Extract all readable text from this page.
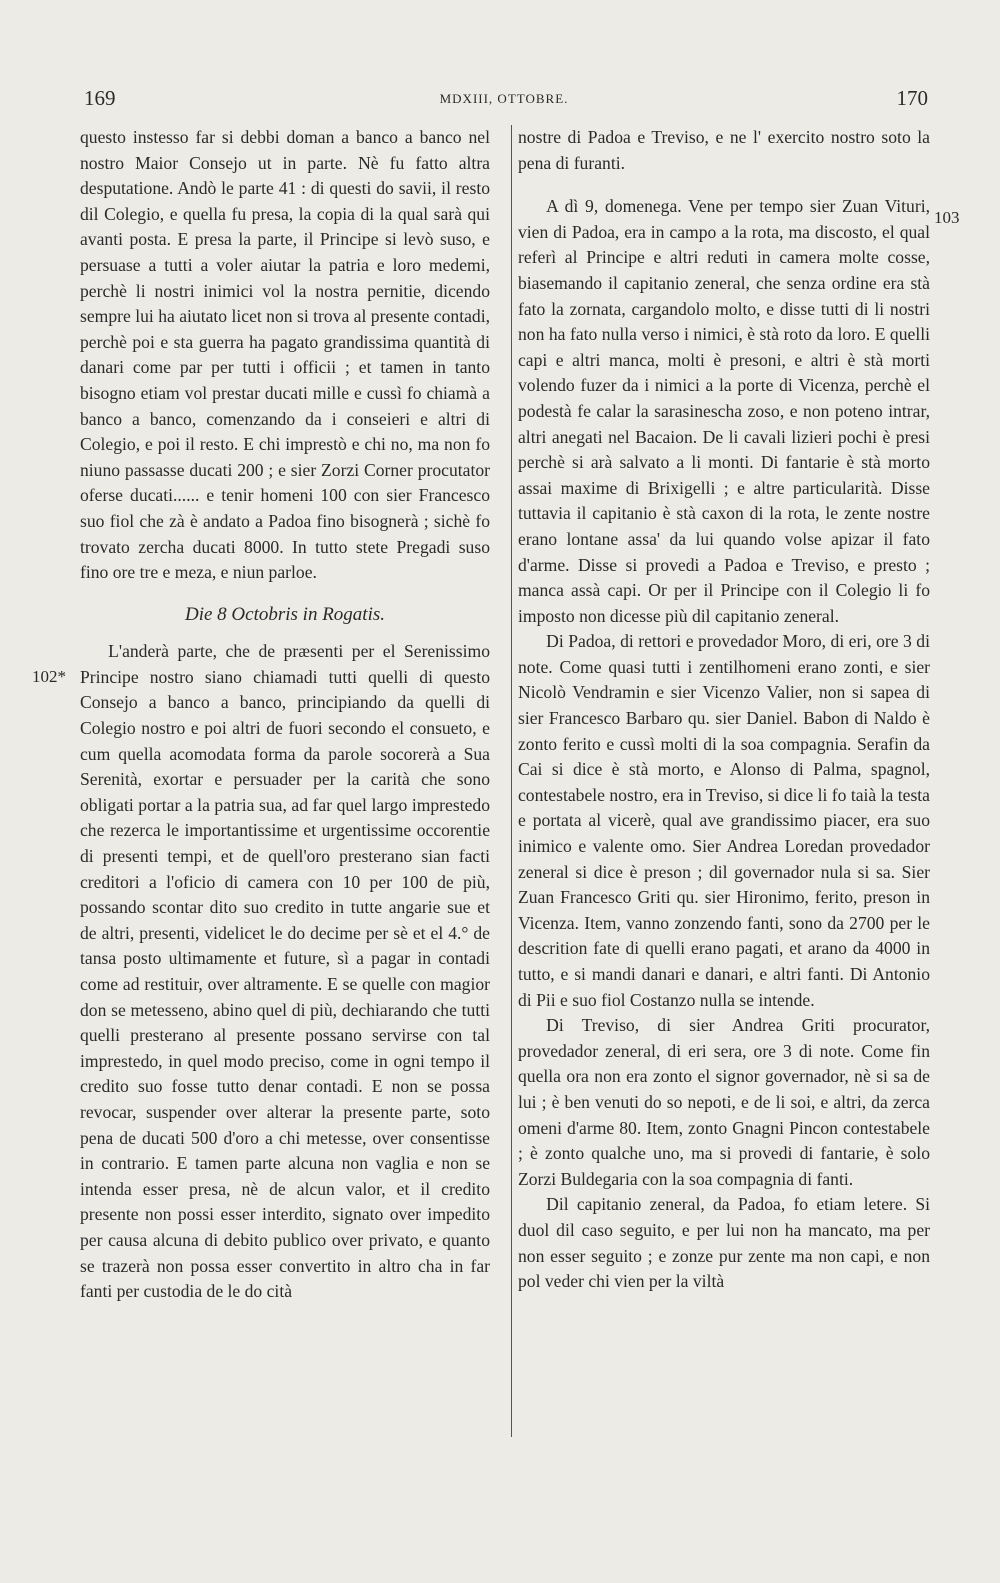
169	MDXIII, OTTOBRE.	170

questo instesso far si debbi doman a banco a banco nel nostro Maior Consejo ut in parte. Nè fu fatto altra desputatione. Andò le parte 41 : di questi do savii, il resto dil Colegio, e quella fu presa, la copia di la qual sarà qui avanti posta. E presa la parte, il Principe si levò suso, e persuase a tutti a voler aiutar la patria e loro medemi, perchè li nostri inimici vol la nostra pernitie, dicendo sempre lui ha aiutato licet non si trova al presente contadi, perchè poi e sta guerra ha pagato grandissima quantità di danari come par per tutti i officii ; et tamen in tanto bisogno etiam vol prestar ducati mille e cussì fo chiamà a banco a banco, comenzando da i conseieri e altri di Colegio, e poi il resto. E chi imprestò e chi no, ma non fo niuno passasse ducati 200 ; e sier Zorzi Corner procutator oferse ducati...... e tenir homeni 100 con sier Francesco suo fiol che zà è andato a Padoa fino bisognerà ; sichè fo trovato zercha ducati 8000. In tutto stete Pregadi suso fino ore tre e meza, e niun parloe.

Die 8 Octobris in Rogatis.

L'anderà parte, che de præsenti per el Serenissimo Principe nostro siano chiamadi tutti quelli di questo Consejo a banco a banco, principiando da quelli di Colegio nostro e poi altri de fuori secondo el consueto, e cum quella acomodata forma da parole socorerà a Sua Serenità, exortar e persuader per la carità che sono obligati portar a la patria sua, ad far quel largo imprestedo che rezerca le importantissime et urgentissime occorentie di presenti tempi, et de quell'oro presterano sian facti creditori a l'oficio di camera con 10 per 100 de più, possando scontar dito suo credito in tutte angarie sue et de altri, presenti, videlicet le do decime per sè et el 4.° de tansa posto ultimamente et future, sì a pagar in contadi come ad restituir, over altramente. E se quelle con magior don se metesseno, abino quel di più, dechiarando che tutti quelli presterano al presente possano servirse con tal imprestedo, in quel modo preciso, come in ogni tempo il credito suo fosse tutto denar contadi. E non se possa revocar, suspender over alterar la presente parte, soto pena de ducati 500 d'oro a chi metesse, over consentisse in contrario. E tamen parte alcuna non vaglia e non se intenda esser presa, nè de alcun valor, et il credito presente non possi esser interdito, signato over impedito per causa alcuna di debito publico over privato, e quanto se trazerà non possa esser convertito in altro cha in far fanti per custodia de le do cità

nostre di Padoa e Treviso, e ne l' exercito nostro soto la pena di furanti.

A dì 9, domenega. Vene per tempo sier Zuan Vituri, vien di Padoa, era in campo a la rota, ma discosto, el qual referì al Principe e altri reduti in camera molte cosse, biasemando il capitanio zeneral, che senza ordine era stà fato la zornata, cargandolo molto, e disse tutti di li nostri non ha fato nulla verso i nimici, è stà roto da loro. E quelli capi e altri manca, molti è presoni, e altri è stà morti volendo fuzer da i nimici a la porte di Vicenza, perchè el podestà fe calar la sarasinescha zoso, e non poteno intrar, altri anegati nel Bacaion. De li cavali lizieri pochi è presi perchè si arà salvato a li monti. Di fantarie è stà morto assai maxime di Brixigelli ; e altre particularità. Disse tuttavia il capitanio è stà caxon di la rota, le zente nostre erano lontane assa' da lui quando volse apizar il fato d'arme. Disse si provedi a Padoa e Treviso, e presto ; manca assà capi. Or per il Principe con il Colegio li fo imposto non dicesse più dil capitanio zeneral.

Di Padoa, di rettori e provedador Moro, di eri, ore 3 di note. Come quasi tutti i zentilhomeni erano zonti, e sier Nicolò Vendramin e sier Vicenzo Valier, non si sapea di sier Francesco Barbaro qu. sier Daniel. Babon di Naldo è zonto ferito e cussì molti di la soa compagnia. Serafin da Cai si dice è stà morto, e Alonso di Palma, spagnol, contestabele nostro, era in Treviso, si dice li fo taià la testa e portata al vicerè, qual ave grandissimo piacer, era suo inimico e valente omo. Sier Andrea Loredan provedador zeneral si dice è preson ; dil governador nula si sa. Sier Zuan Francesco Griti qu. sier Hironimo, ferito, preson in Vicenza. Item, vanno zonzendo fanti, sono da 2700 per le descrition fate di quelli erano pagati, et arano da 4000 in tutto, e si mandi danari e danari, e altri fanti. Di Antonio di Pii e suo fiol Costanzo nulla se intende.

Di Treviso, di sier Andrea Griti procurator, provedador zeneral, di eri sera, ore 3 di note. Come fin quella ora non era zonto el signor governador, nè si sa de lui ; è ben venuti do so nepoti, e de li soi, e altri, da zerca omeni d'arme 80. Item, zonto Gnagni Pincon contestabele ; è zonto qualche uno, ma si provedi di fantarie, è solo Zorzi Buldegaria con la soa compagnia di fanti.

Dil capitanio zeneral, da Padoa, fo etiam letere. Si duol dil caso seguito, e per lui non ha mancato, ma per non esser seguito ; e zonze pur zente ma non capi, e non pol veder chi vien per la viltà

102*
103
